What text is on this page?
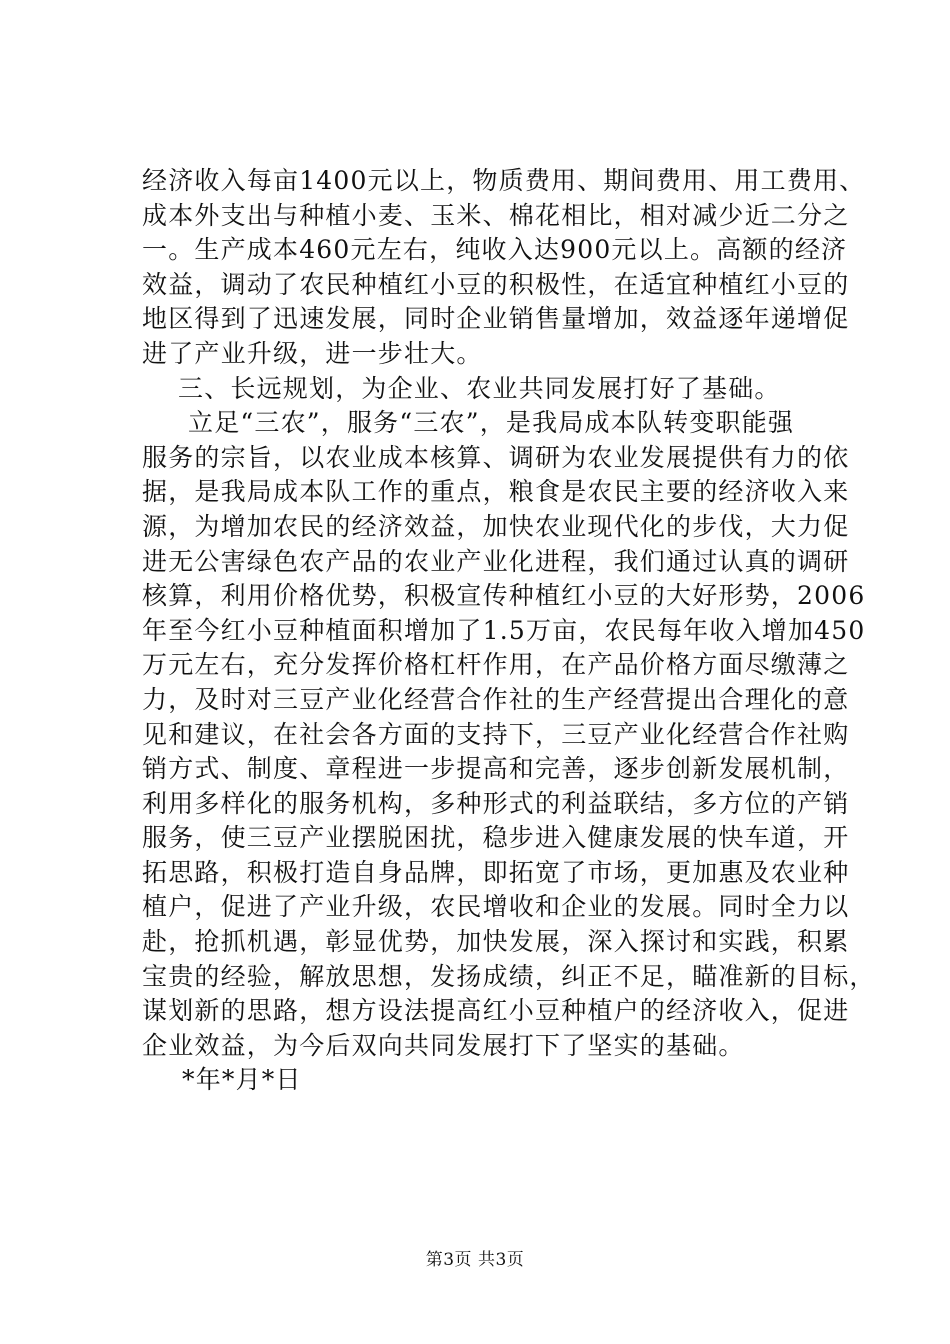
经济收入每亩1400元以上，物质费用、期间费用、用工费用、
成本外支出与种植小麦、玉米、棉花相比，相对减少近二分之
一。生产成本460元左右，纯收入达900元以上。高额的经济
效益，调动了农民种植红小豆的积极性，在适宜种植红小豆的
地区得到了迅速发展，同时企业销售量增加，效益逐年递增促
进了产业升级，进一步壮大。
三、长远规划，为企业、农业共同发展打好了基础。
立足“三农”，服务“三农”，是我局成本队转变职能强
服务的宗旨，以农业成本核算、调研为农业发展提供有力的依
据，是我局成本队工作的重点，粮食是农民主要的经济收入来
源，为增加农民的经济效益，加快农业现代化的步伐，大力促
进无公害绿色农产品的农业产业化进程，我们通过认真的调研
核算，利用价格优势，积极宣传种植红小豆的大好形势，2006
年至今红小豆种植面积增加了1.5万亩，农民每年收入增加450
万元左右，充分发挥价格杠杆作用，在产品价格方面尽缴薄之
力，及时对三豆产业化经营合作社的生产经营提出合理化的意
见和建议，在社会各方面的支持下，三豆产业化经营合作社购
销方式、制度、章程进一步提高和完善，逐步创新发展机制，
利用多样化的服务机构，多种形式的利益联结，多方位的产销
服务，使三豆产业摆脱困扰，稳步进入健康发展的快车道，开
拓思路，积极打造自身品牌，即拓宽了市场，更加惠及农业种
植户，促进了产业升级，农民增收和企业的发展。同时全力以
赴，抢抓机遇，彰显优势，加快发展，深入探讨和实践，积累
宝贵的经验，解放思想，发扬成绩，纠正不足，瞄准新的目标，
谋划新的思路，想方设法提高红小豆种植户的经济收入，促进
企业效益，为今后双向共同发展打下了坚实的基础。
*年*月*日
第3页 共3页
